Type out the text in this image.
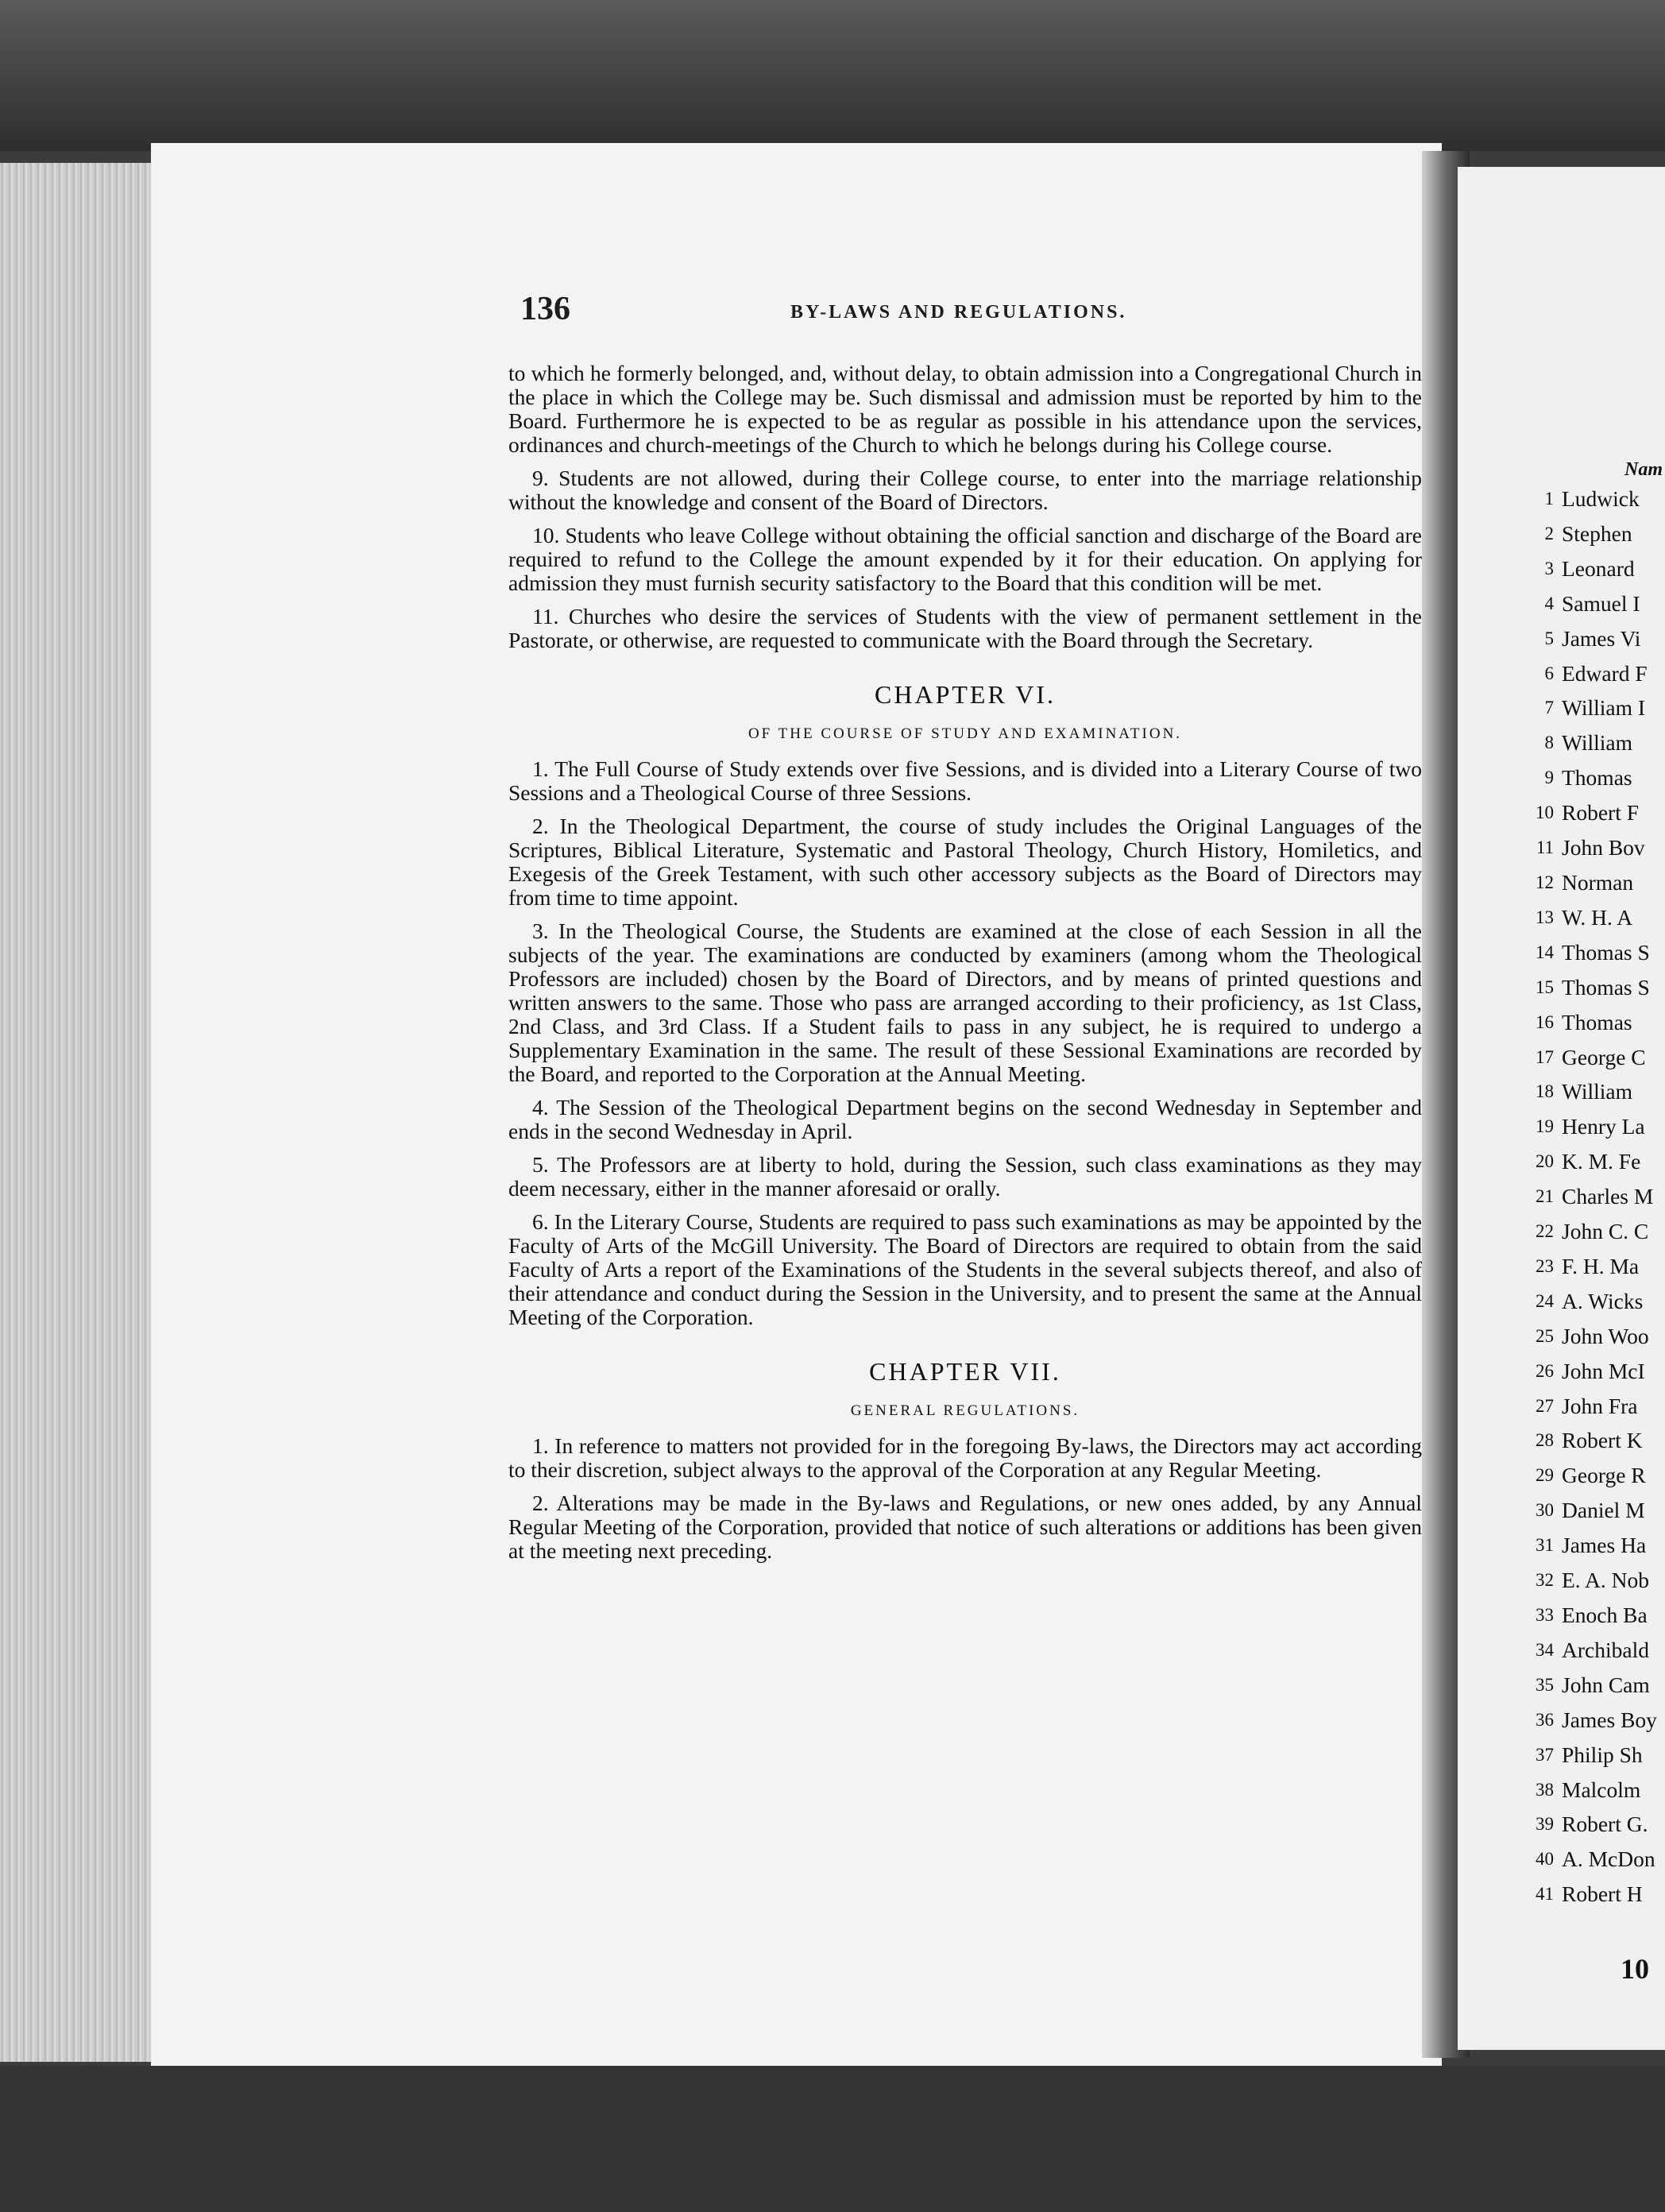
136	BY-LAWS AND REGULATIONS.

to which he formerly belonged, and, without delay, to obtain admission into a Congregational Church in the place in which the College may be. Such dismissal and admission must be reported by him to the Board. Furthermore he is expected to be as regular as possible in his attendance upon the services, ordinances and church-meetings of the Church to which he belongs during his College course.

9. Students are not allowed, during their College course, to enter into the marriage relationship without the knowledge and consent of the Board of Directors.

10. Students who leave College without obtaining the official sanction and discharge of the Board are required to refund to the College the amount expended by it for their education. On applying for admission they must furnish security satisfactory to the Board that this condition will be met.

11. Churches who desire the services of Students with the view of permanent settlement in the Pastorate, or otherwise, are requested to communicate with the Board through the Secretary.

CHAPTER VI.
OF THE COURSE OF STUDY AND EXAMINATION.

1. The Full Course of Study extends over five Sessions, and is divided into a Literary Course of two Sessions and a Theological Course of three Sessions.

2. In the Theological Department, the course of study includes the Original Languages of the Scriptures, Biblical Literature, Systematic and Pastoral Theology, Church History, Homiletics, and Exegesis of the Greek Testament, with such other accessory subjects as the Board of Directors may from time to time appoint.

3. In the Theological Course, the Students are examined at the close of each Session in all the subjects of the year. The examinations are conducted by examiners (among whom the Theological Professors are included) chosen by the Board of Directors, and by means of printed questions and written answers to the same. Those who pass are arranged according to their proficiency, as 1st Class, 2nd Class, and 3rd Class. If a Student fails to pass in any subject, he is required to undergo a Supplementary Examination in the same. The result of these Sessional Examinations are recorded by the Board, and reported to the Corporation at the Annual Meeting.

4. The Session of the Theological Department begins on the second Wednesday in September and ends in the second Wednesday in April.

5. The Professors are at liberty to hold, during the Session, such class examinations as they may deem necessary, either in the manner aforesaid or orally.

6. In the Literary Course, Students are required to pass such examinations as may be appointed by the Faculty of Arts of the McGill University. The Board of Directors are required to obtain from the said Faculty of Arts a report of the Examinations of the Students in the several subjects thereof, and also of their attendance and conduct during the Session in the University, and to present the same at the Annual Meeting of the Corporation.

CHAPTER VII.
GENERAL REGULATIONS.

1. In reference to matters not provided for in the foregoing By-laws, the Directors may act according to their discretion, subject always to the approval of the Corporation at any Regular Meeting.

2. Alterations may be made in the By-laws and Regulations, or new ones added, by any Annual Regular Meeting of the Corporation, provided that notice of such alterations or additions has been given at the meeting next preceding.

Nam
1 Ludwick
2 Stephen
3 Leonard
4 Samuel I
5 James Vi
6 Edward F
7 William I
8 William
9 Thomas
10 Robert F
11 John Bov
12 Norman
13 W. H. A
14 Thomas S
15 Thomas S
16 Thomas
17 George C
18 William
19 Henry La
20 K. M. Fe
21 Charles M
22 John C. C
23 F. H. Ma
24 A. Wicks
25 John Woo
26 John McI
27 John Fra
28 Robert K
29 George R
30 Daniel M
31 James Ha
32 E. A. Nob
33 Enoch Ba
34 Archibald
35 John Cam
36 James Boy
37 Philip Sh
38 Malcolm
39 Robert G.
40 A. McDon
41 Robert H
10
